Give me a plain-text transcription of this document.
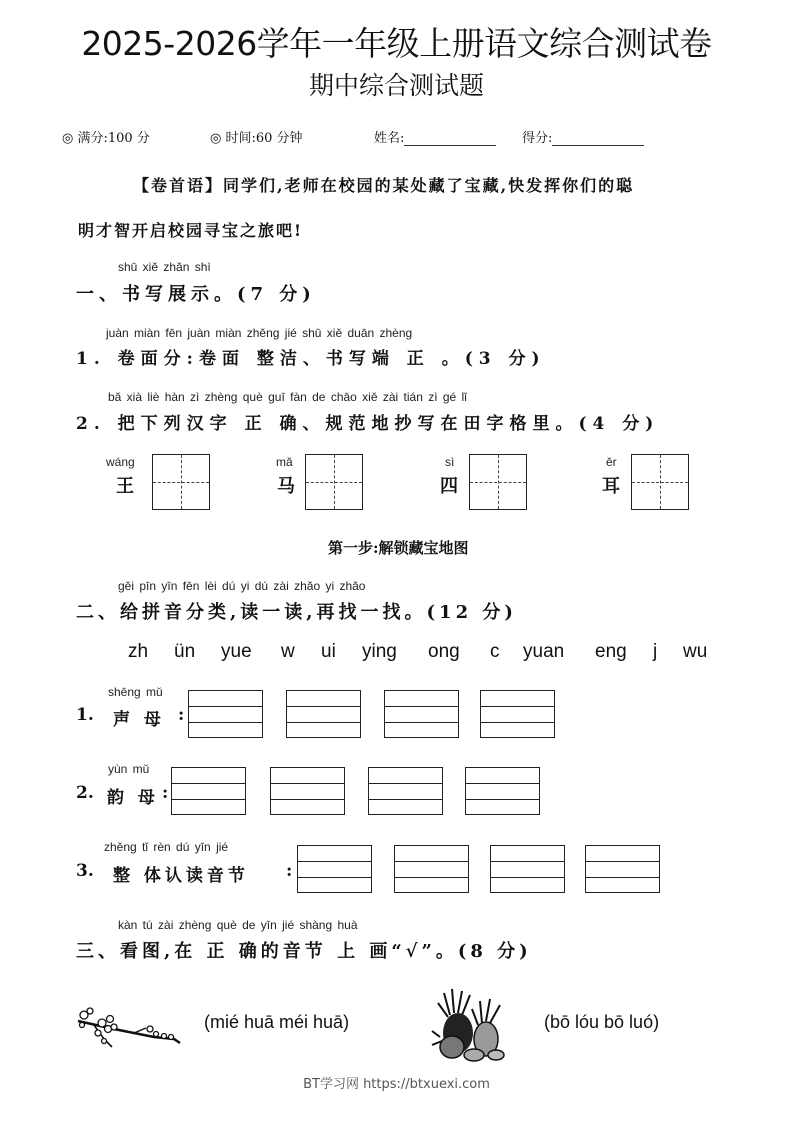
2025-2026学年一年级上册语文综合测试卷
期中综合测试题
◎ 满分:100 分	◎ 时间:60 分钟	姓名:	得分:
【卷首语】同学们,老师在校园的某处藏了宝藏,快发挥你们的聪
明才智开启校园寻宝之旅吧!
shū xiě zhǎn shì
一、书写展示。(7 分)
juàn miàn fēn juàn miàn zhěng jié shū xiě duān zhèng
1. 卷面分:卷面 整洁、书写端 正 。(3 分)
bǎ xià liè hàn zì zhèng què guī fàn de chāo xiě zài tián zì gé lǐ
2. 把下列汉字 正 确、规范地抄写在田字格里。(4 分)
wáng
王
mǎ
马
sì
四
ěr
耳
第一步:解锁藏宝地图
gěi pīn yīn fēn lèi dú yi dú zài zhǎo yi zhǎo
二、给拼音分类,读一读,再找一找。(12 分)
zh ün yue w ui ying ong c yuan eng j wu
shēng mǔ
1. 声 母 :
yùn mǔ
2. 韵 母 :
zhěng tǐ rèn dú yīn jié
3. 整 体认读音节 :
kàn tú zài zhèng què de yīn jié shàng huà
三、看图,在 正 确的音节 上 画“√”。(8 分)
(mié huā méi huā)	(bō lóu bō luó)
BT学习网 https://btxuexi.com
